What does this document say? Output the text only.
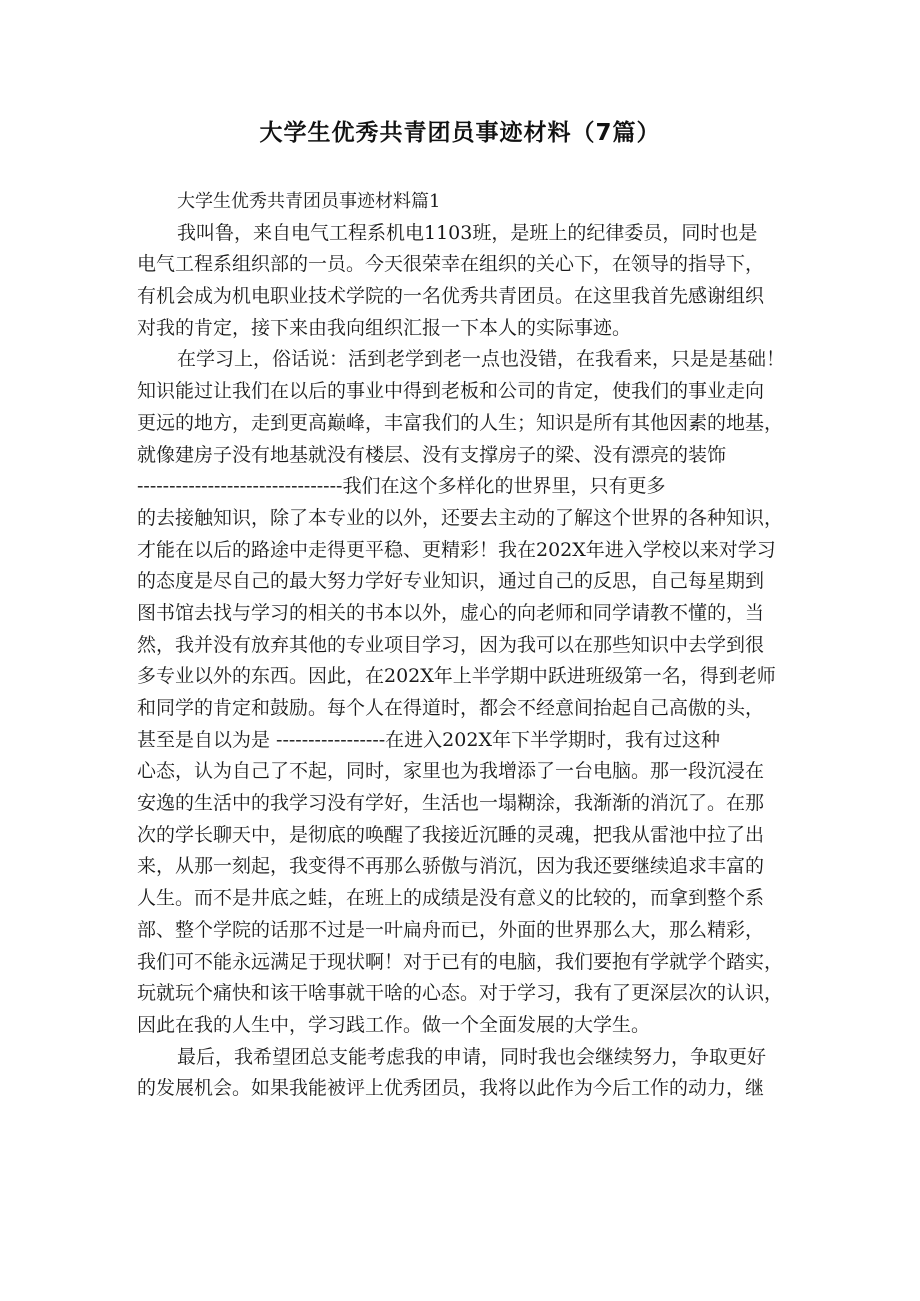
大学生优秀共青团员事迹材料（7篇）
大学生优秀共青团员事迹材料篇1
我叫鲁，来自电气工程系机电1103班，是班上的纪律委员，同时也是
电气工程系组织部的一员。今天很荣幸在组织的关心下，在领导的指导下，
有机会成为机电职业技术学院的一名优秀共青团员。在这里我首先感谢组织
对我的肯定，接下来由我向组织汇报一下本人的实际事迹。
在学习上，俗话说：活到老学到老一点也没错，在我看来，只是是基础！
知识能过让我们在以后的事业中得到老板和公司的肯定，使我们的事业走向
更远的地方，走到更高巅峰，丰富我们的人生；知识是所有其他因素的地基，
就像建房子没有地基就没有楼层、没有支撑房子的梁、没有漂亮的装饰
--------------------------------我们在这个多样化的世界里，只有更多
的去接触知识，除了本专业的以外，还要去主动的了解这个世界的各种知识，
才能在以后的路途中走得更平稳、更精彩！我在202X年进入学校以来对学习
的态度是尽自己的最大努力学好专业知识，通过自己的反思，自己每星期到
图书馆去找与学习的相关的书本以外，虚心的向老师和同学请教不懂的，当
然，我并没有放弃其他的专业项目学习，因为我可以在那些知识中去学到很
多专业以外的东西。因此，在202X年上半学期中跃进班级第一名，得到老师
和同学的肯定和鼓励。每个人在得道时，都会不经意间抬起自己高傲的头，
甚至是自以为是 -----------------在进入202X年下半学期时，我有过这种
心态，认为自己了不起，同时，家里也为我增添了一台电脑。那一段沉浸在
安逸的生活中的我学习没有学好，生活也一塌糊涂，我渐渐的消沉了。在那
次的学长聊天中，是彻底的唤醒了我接近沉睡的灵魂，把我从雷池中拉了出
来，从那一刻起，我变得不再那么骄傲与消沉，因为我还要继续追求丰富的
人生。而不是井底之蛙，在班上的成绩是没有意义的比较的，而拿到整个系
部、整个学院的话那不过是一叶扁舟而已，外面的世界那么大，那么精彩，
我们可不能永远满足于现状啊！对于已有的电脑，我们要抱有学就学个踏实，
玩就玩个痛快和该干啥事就干啥的心态。对于学习，我有了更深层次的认识，
因此在我的人生中，学习践工作。做一个全面发展的大学生。
最后，我希望团总支能考虑我的申请，同时我也会继续努力，争取更好
的发展机会。如果我能被评上优秀团员，我将以此作为今后工作的动力，继
